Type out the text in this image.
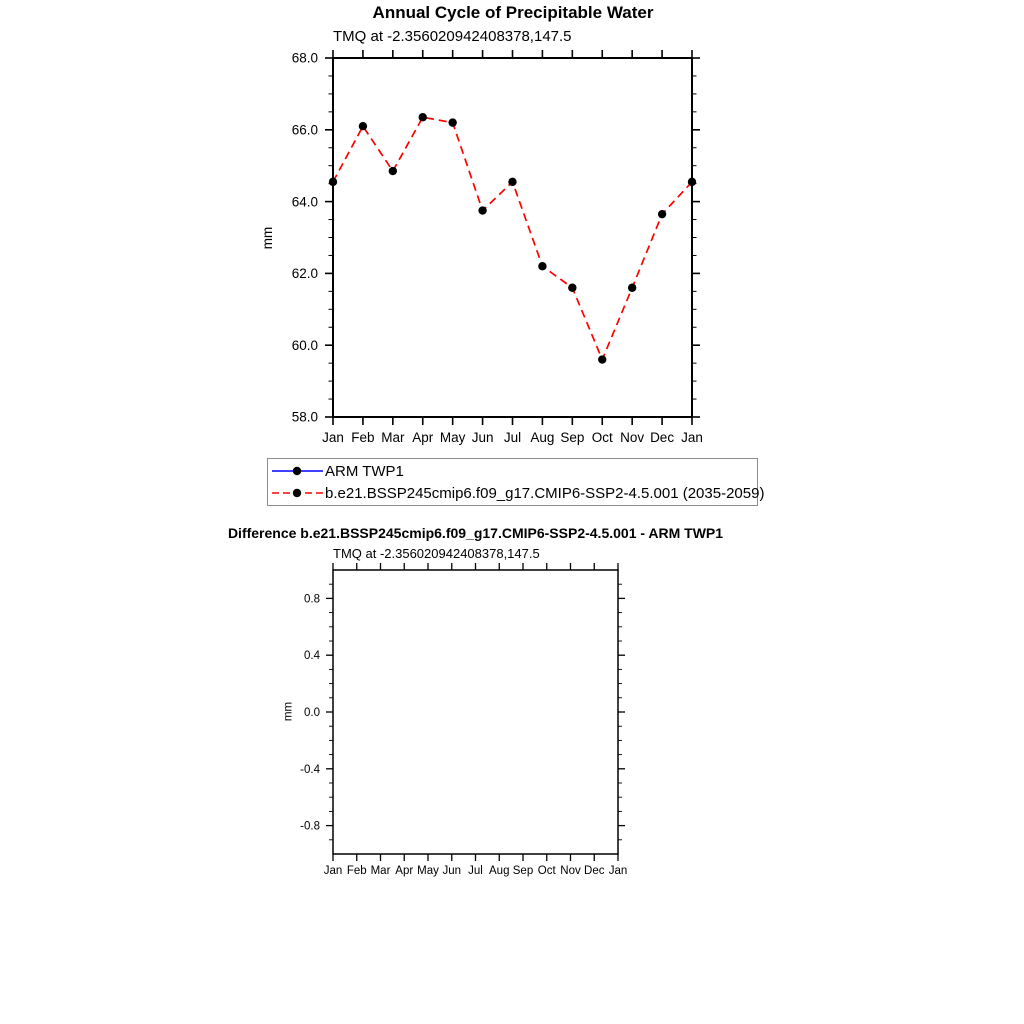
Jan Feb Mar Apr May Jun Jul Aug Sep Oct Nov Dec Jan
58.0
60.0
62.0
64.0
66.0
68.0
Jan Feb Mar Apr May Jun Jul Aug Sep Oct Nov Dec Jan
-0.8
-0.4
0.0
0.4
0.8
Annual Cycle of Precipitable Water
TMQ at -2.356020942408378,147.5
mm
ARM TWP1
b.e21.BSSP245cmip6.f09_g17.CMIP6-SSP2-4.5.001 (2035-2059)
Difference b.e21.BSSP245cmip6.f09_g17.CMIP6-SSP2-4.5.001 - ARM TWP1
TMQ at -2.356020942408378,147.5
mm
